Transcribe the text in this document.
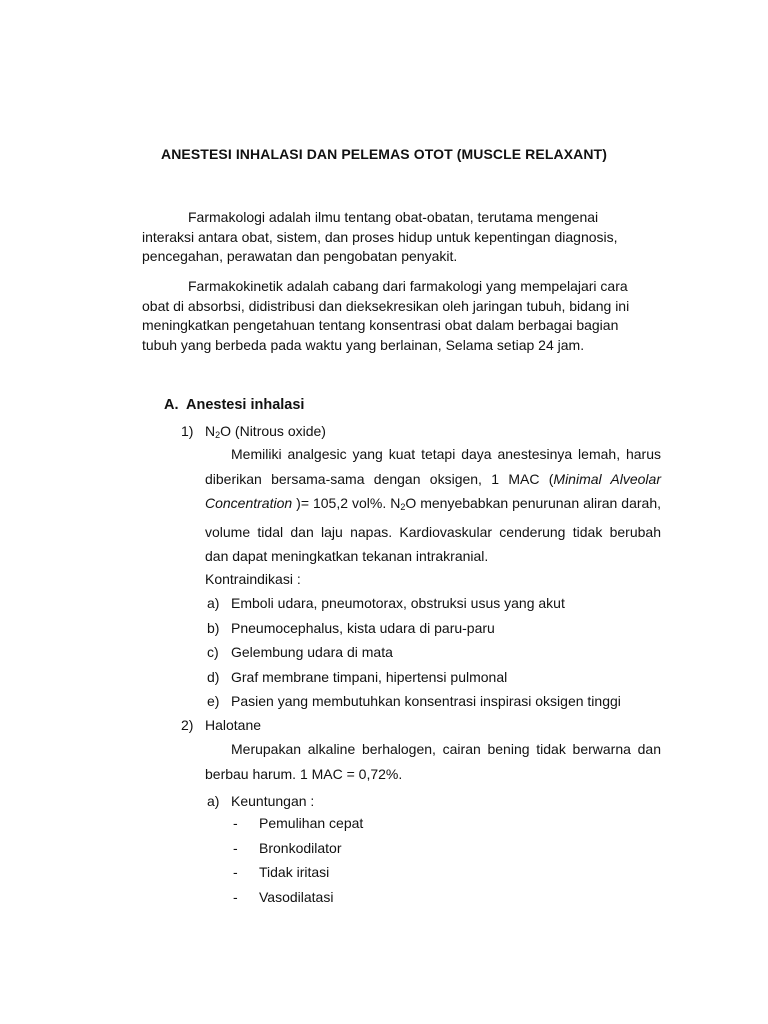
ANESTESI INHALASI DAN PELEMAS OTOT (MUSCLE RELAXANT)

Farmakologi adalah ilmu tentang obat-obatan, terutama mengenai interaksi antara obat, sistem, dan proses hidup untuk kepentingan diagnosis, pencegahan, perawatan dan pengobatan penyakit.

Farmakokinetik adalah cabang dari farmakologi yang mempelajari cara obat di absorbsi, didistribusi dan dieksekresikan oleh jaringan tubuh, bidang ini meningkatkan pengetahuan tentang konsentrasi obat dalam berbagai bagian tubuh yang berbeda pada waktu yang berlainan, Selama setiap 24 jam.

A. Anestesi inhalasi
1) $N_2O$ (Nitrous oxide)

Memiliki analgesic yang kuat tetapi daya anestesinya lemah, harus diberikan bersama-sama dengan oksigen, 1 MAC (Minimal Alveolar Concentration )= 105,2 vol%. $N_2O$ menyebabkan penurunan aliran darah, volume tidal dan laju napas. Kardiovaskular cenderung tidak berubah dan dapat meningkatkan tekanan intrakranial.

Kontraindikasi :
a) Emboli udara, pneumotorax, obstruksi usus yang akut
b) Pneumocephalus, kista udara di paru-paru
c) Gelembung udara di mata
d) Graf membrane timpani, hipertensi pulmonal
e) Pasien yang membutuhkan konsentrasi inspirasi oksigen tinggi
2) Halotane

Merupakan alkaline berhalogen, cairan bening tidak berwarna dan berbau harum. 1 MAC = 0,72%.

a) Keuntungan :
- Pemulihan cepat
- Bronkodilator
- Tidak iritasi
- Vasodilatasi
